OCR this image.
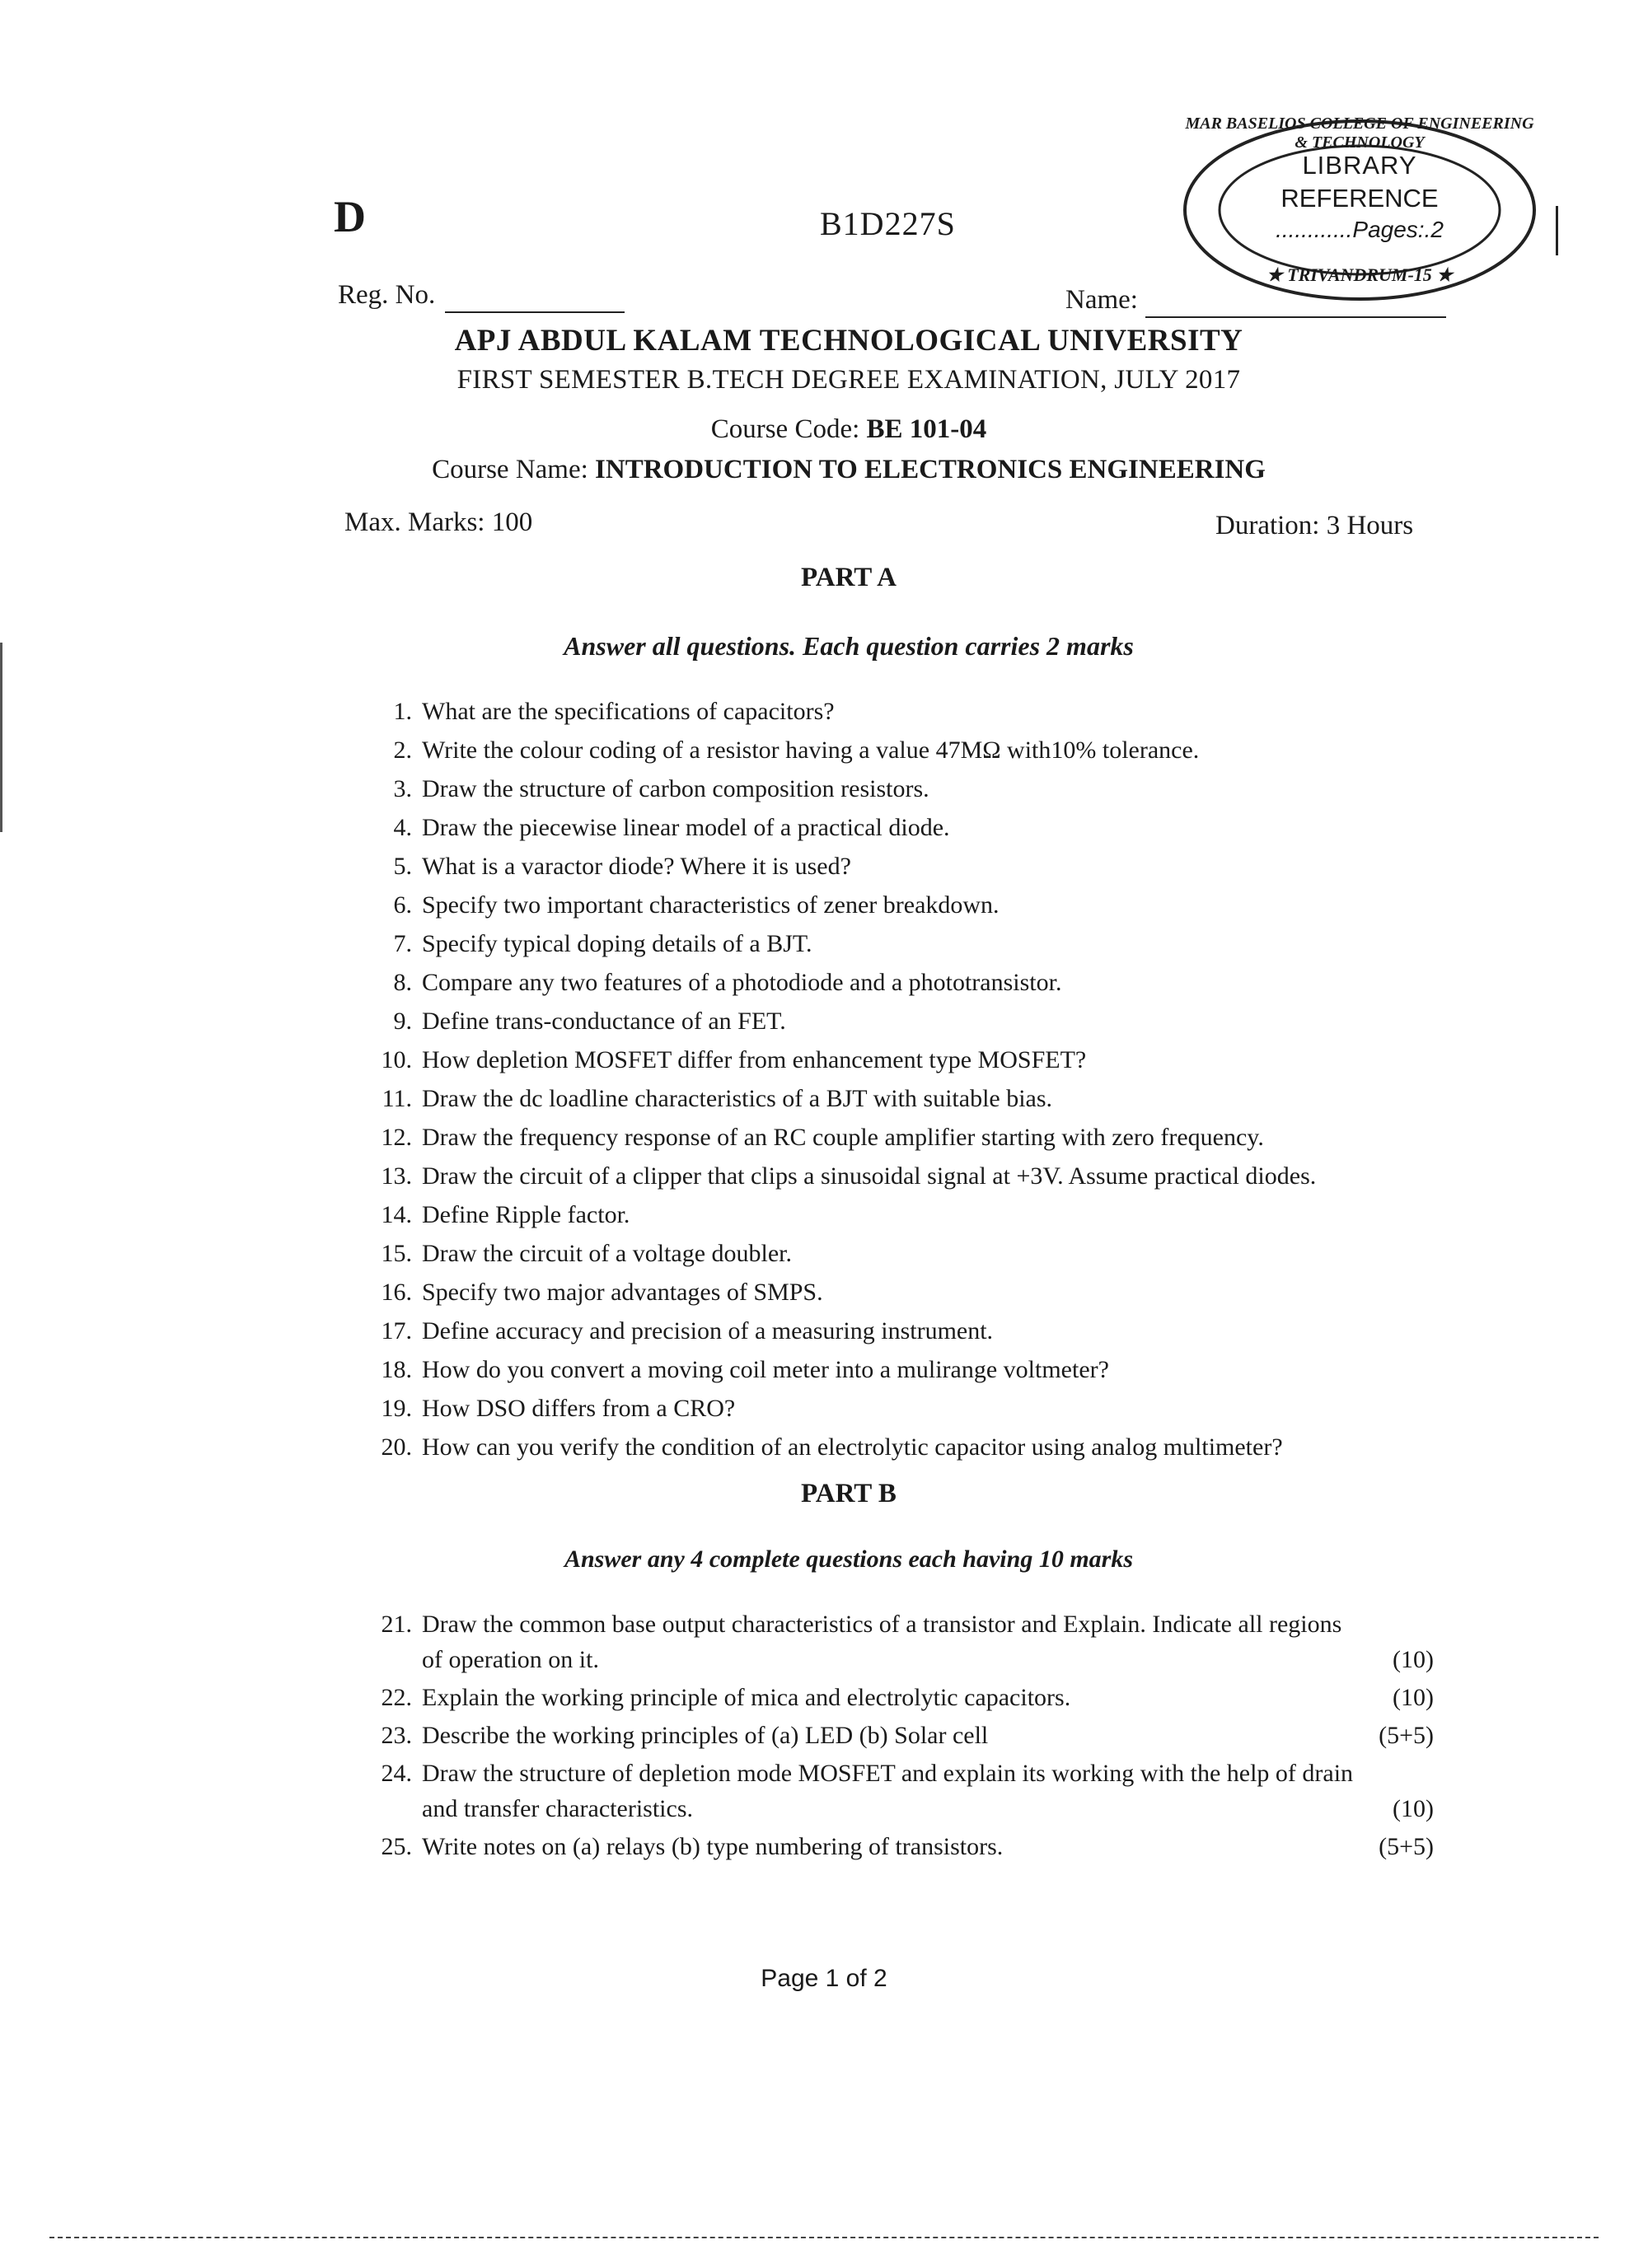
D	B1D227S
MAR BASELIOS COLLEGE OF ENGINEERING & TECHNOLOGY
LIBRARY
REFERENCE
............Pages:.2
★ TRIVANDRUM-15 ★
Reg. No.	Name:
APJ ABDUL KALAM TECHNOLOGICAL UNIVERSITY
FIRST SEMESTER B.TECH DEGREE EXAMINATION, JULY 2017
Course Code: BE 101-04
Course Name: INTRODUCTION TO ELECTRONICS ENGINEERING
Max. Marks: 100	Duration: 3 Hours
PART A
Answer all questions. Each question carries 2 marks
1. What are the specifications of capacitors?
2. Write the colour coding of a resistor having a value 47MΩ with10% tolerance.
3. Draw the structure of carbon composition resistors.
4. Draw the piecewise linear model of a practical diode.
5. What is a varactor diode? Where it is used?
6. Specify two important characteristics of zener breakdown.
7. Specify typical doping details of a BJT.
8. Compare any two features of a photodiode and a phototransistor.
9. Define trans-conductance of an FET.
10. How depletion MOSFET differ from enhancement type MOSFET?
11. Draw the dc loadline characteristics of a BJT with suitable bias.
12. Draw the frequency response of an RC couple amplifier starting with zero frequency.
13. Draw the circuit of a clipper that clips a sinusoidal signal at +3V. Assume practical diodes.
14. Define Ripple factor.
15. Draw the circuit of a voltage doubler.
16. Specify two major advantages of SMPS.
17. Define accuracy and precision of a measuring instrument.
18. How do you convert a moving coil meter into a mulirange voltmeter?
19. How DSO differs from a CRO?
20. How can you verify the condition of an electrolytic capacitor using analog multimeter?
PART B
Answer any 4 complete questions each having 10 marks
21. Draw the common base output characteristics of a transistor and Explain. Indicate all regions of operation on it.	(10)
22. Explain the working principle of mica and electrolytic capacitors.	(10)
23. Describe the working principles of (a) LED (b) Solar cell	(5+5)
24. Draw the structure of depletion mode MOSFET and explain its working with the help of drain and transfer characteristics.	(10)
25. Write notes on (a) relays (b) type numbering of transistors.	(5+5)
Page 1 of 2
